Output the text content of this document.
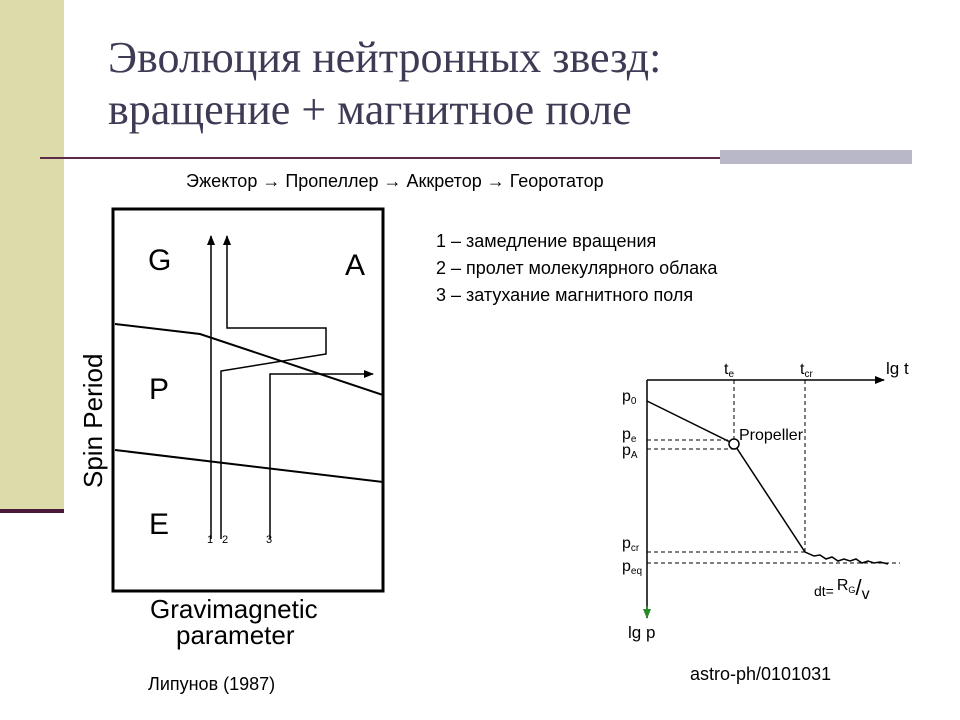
Эволюция нейтронных звезд:
вращение + магнитное поле
Эжектор → Пропеллер → Аккретор → Георотатор
1 – замедление вращения
2 – пролет молекулярного облака
3 – затухание магнитного поля
G	A
P
E	1 2	3
Spin Period
Gravimagnetic
parameter
lg t
lg p
te	tcr
p0
pe
pA
pcr
peq
Propeller
$dt= R_G/v$
Липунов (1987)	astro-ph/0101031
